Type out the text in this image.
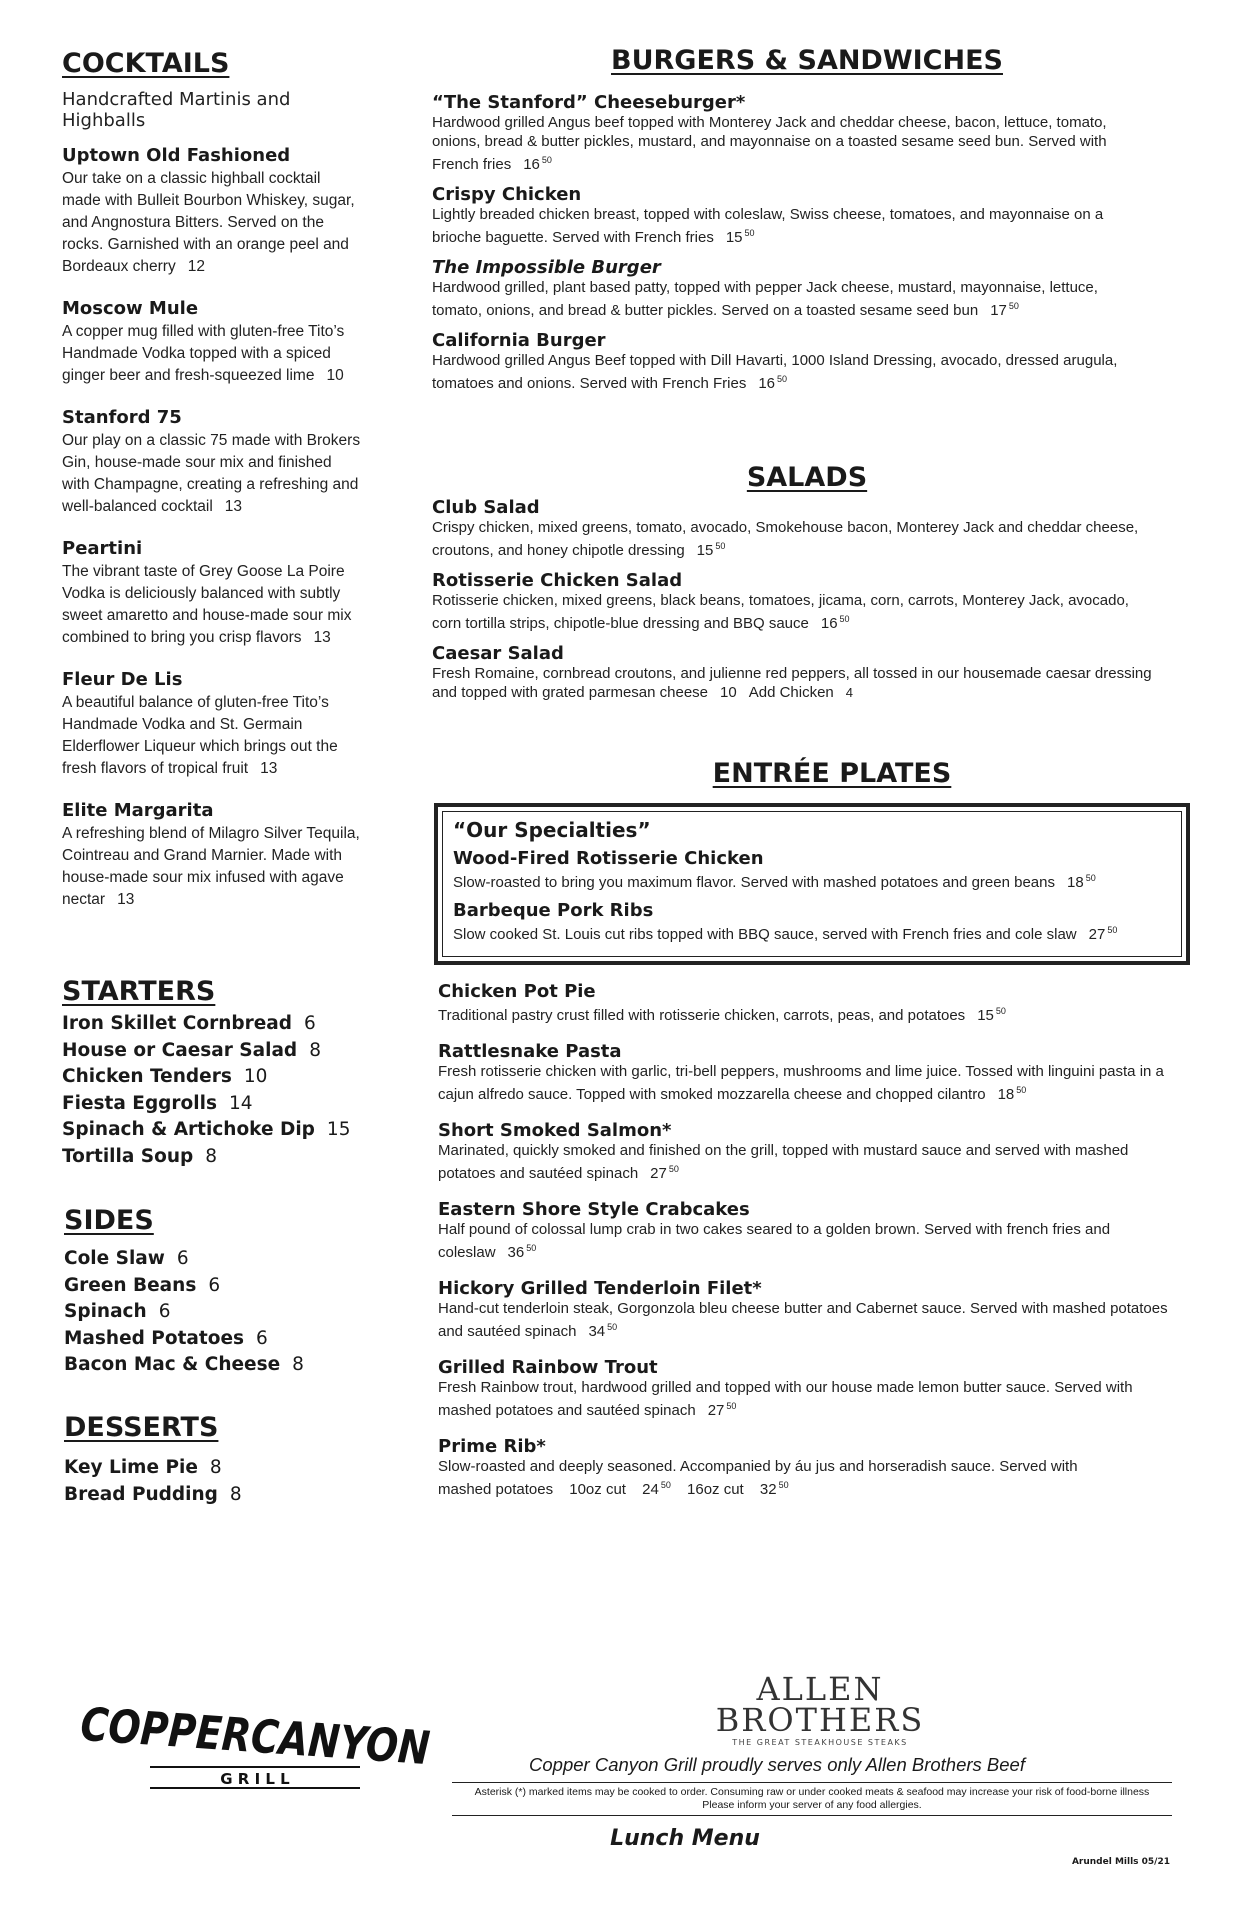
COCKTAILS
Handcrafted Martinis and Highballs
Uptown Old Fashioned
Our take on a classic highball cocktail made with Bulleit Bourbon Whiskey, sugar, and Angnostura Bitters. Served on the rocks. Garnished with an orange peel and Bordeaux cherry 12
Moscow Mule
A copper mug filled with gluten-free Tito’s Handmade Vodka topped with a spiced ginger beer and fresh-squeezed lime 10
Stanford 75
Our play on a classic 75 made with Brokers Gin, house-made sour mix and finished with Champagne, creating a refreshing and well-balanced cocktail 13
Peartini
The vibrant taste of Grey Goose La Poire Vodka is deliciously balanced with subtly sweet amaretto and house-made sour mix combined to bring you crisp flavors 13
Fleur De Lis
A beautiful balance of gluten-free Tito’s Handmade Vodka and St. Germain Elderflower Liqueur which brings out the fresh flavors of tropical fruit 13
Elite Margarita
A refreshing blend of Milagro Silver Tequila, Cointreau and Grand Marnier. Made with house-made sour mix infused with agave nectar 13
STARTERS
Iron Skillet Cornbread 6
House or Caesar Salad 8
Chicken Tenders 10
Fiesta Eggrolls 14
Spinach & Artichoke Dip 15
Tortilla Soup 8
SIDES
Cole Slaw 6
Green Beans 6
Spinach 6
Mashed Potatoes 6
Bacon Mac & Cheese 8
DESSERTS
Key Lime Pie 8
Bread Pudding 8
BURGERS & SANDWICHES
“The Stanford” Cheeseburger*
Hardwood grilled Angus beef topped with Monterey Jack and cheddar cheese, bacon, lettuce, tomato, onions, bread & butter pickles, mustard, and mayonnaise on a toasted sesame seed bun. Served with French fries 16 $^{50}$
Crispy Chicken
Lightly breaded chicken breast, topped with coleslaw, Swiss cheese, tomatoes, and mayonnaise on a brioche baguette. Served with French fries 15 $^{50}$
The Impossible Burger
Hardwood grilled, plant based patty, topped with pepper Jack cheese, mustard, mayonnaise, lettuce, tomato, onions, and bread & butter pickles. Served on a toasted sesame seed bun 17 $^{50}$
California Burger
Hardwood grilled Angus Beef topped with Dill Havarti, 1000 Island Dressing, avocado, dressed arugula, tomatoes and onions. Served with French Fries 16 $^{50}$
SALADS
Club Salad
Crispy chicken, mixed greens, tomato, avocado, Smokehouse bacon, Monterey Jack and cheddar cheese, croutons, and honey chipotle dressing 15 $^{50}$
Rotisserie Chicken Salad
Rotisserie chicken, mixed greens, black beans, tomatoes, jicama, corn, carrots, Monterey Jack, avocado, corn tortilla strips, chipotle-blue dressing and BBQ sauce 16 $^{50}$
Caesar Salad
Fresh Romaine, cornbread croutons, and julienne red peppers, all tossed in our housemade caesar dressing and topped with grated parmesan cheese 10 Add Chicken 4
ENTRÉE PLATES
“Our Specialties”
Wood-Fired Rotisserie Chicken
Slow-roasted to bring you maximum flavor. Served with mashed potatoes and green beans 18 $^{50}$
Barbeque Pork Ribs
Slow cooked St. Louis cut ribs topped with BBQ sauce, served with French fries and cole slaw 27 $^{50}$
Chicken Pot Pie
Traditional pastry crust filled with rotisserie chicken, carrots, peas, and potatoes 15 $^{50}$
Rattlesnake Pasta
Fresh rotisserie chicken with garlic, tri-bell peppers, mushrooms and lime juice. Tossed with linguini pasta in a cajun alfredo sauce. Topped with smoked mozzarella cheese and chopped cilantro 18 $^{50}$
Short Smoked Salmon*
Marinated, quickly smoked and finished on the grill, topped with mustard sauce and served with mashed potatoes and sautéed spinach 27 $^{50}$
Eastern Shore Style Crabcakes
Half pound of colossal lump crab in two cakes seared to a golden brown. Served with french fries and coleslaw 36 $^{50}$
Hickory Grilled Tenderloin Filet*
Hand-cut tenderloin steak, Gorgonzola bleu cheese butter and Cabernet sauce. Served with mashed potatoes and sautéed spinach 34 $^{50}$
Grilled Rainbow Trout
Fresh Rainbow trout, hardwood grilled and topped with our house made lemon butter sauce. Served with mashed potatoes and sautéed spinach 27 $^{50}$
Prime Rib*
Slow-roasted and deeply seasoned. Accompanied by áu jus and horseradish sauce. Served with mashed potatoes 10oz cut 24 $^{50}$ 16oz cut 32 $^{50}$
COPPERCANYON
G R I L L
ALLEN
BROTHERS
THE GREAT STEAKHOUSE STEAKS
Copper Canyon Grill proudly serves only Allen Brothers Beef
Asterisk (*) marked items may be cooked to order. Consuming raw or under cooked meats & seafood may increase your risk of food-borne illness
Please inform your server of any food allergies.
Lunch Menu
Arundel Mills 05/21
